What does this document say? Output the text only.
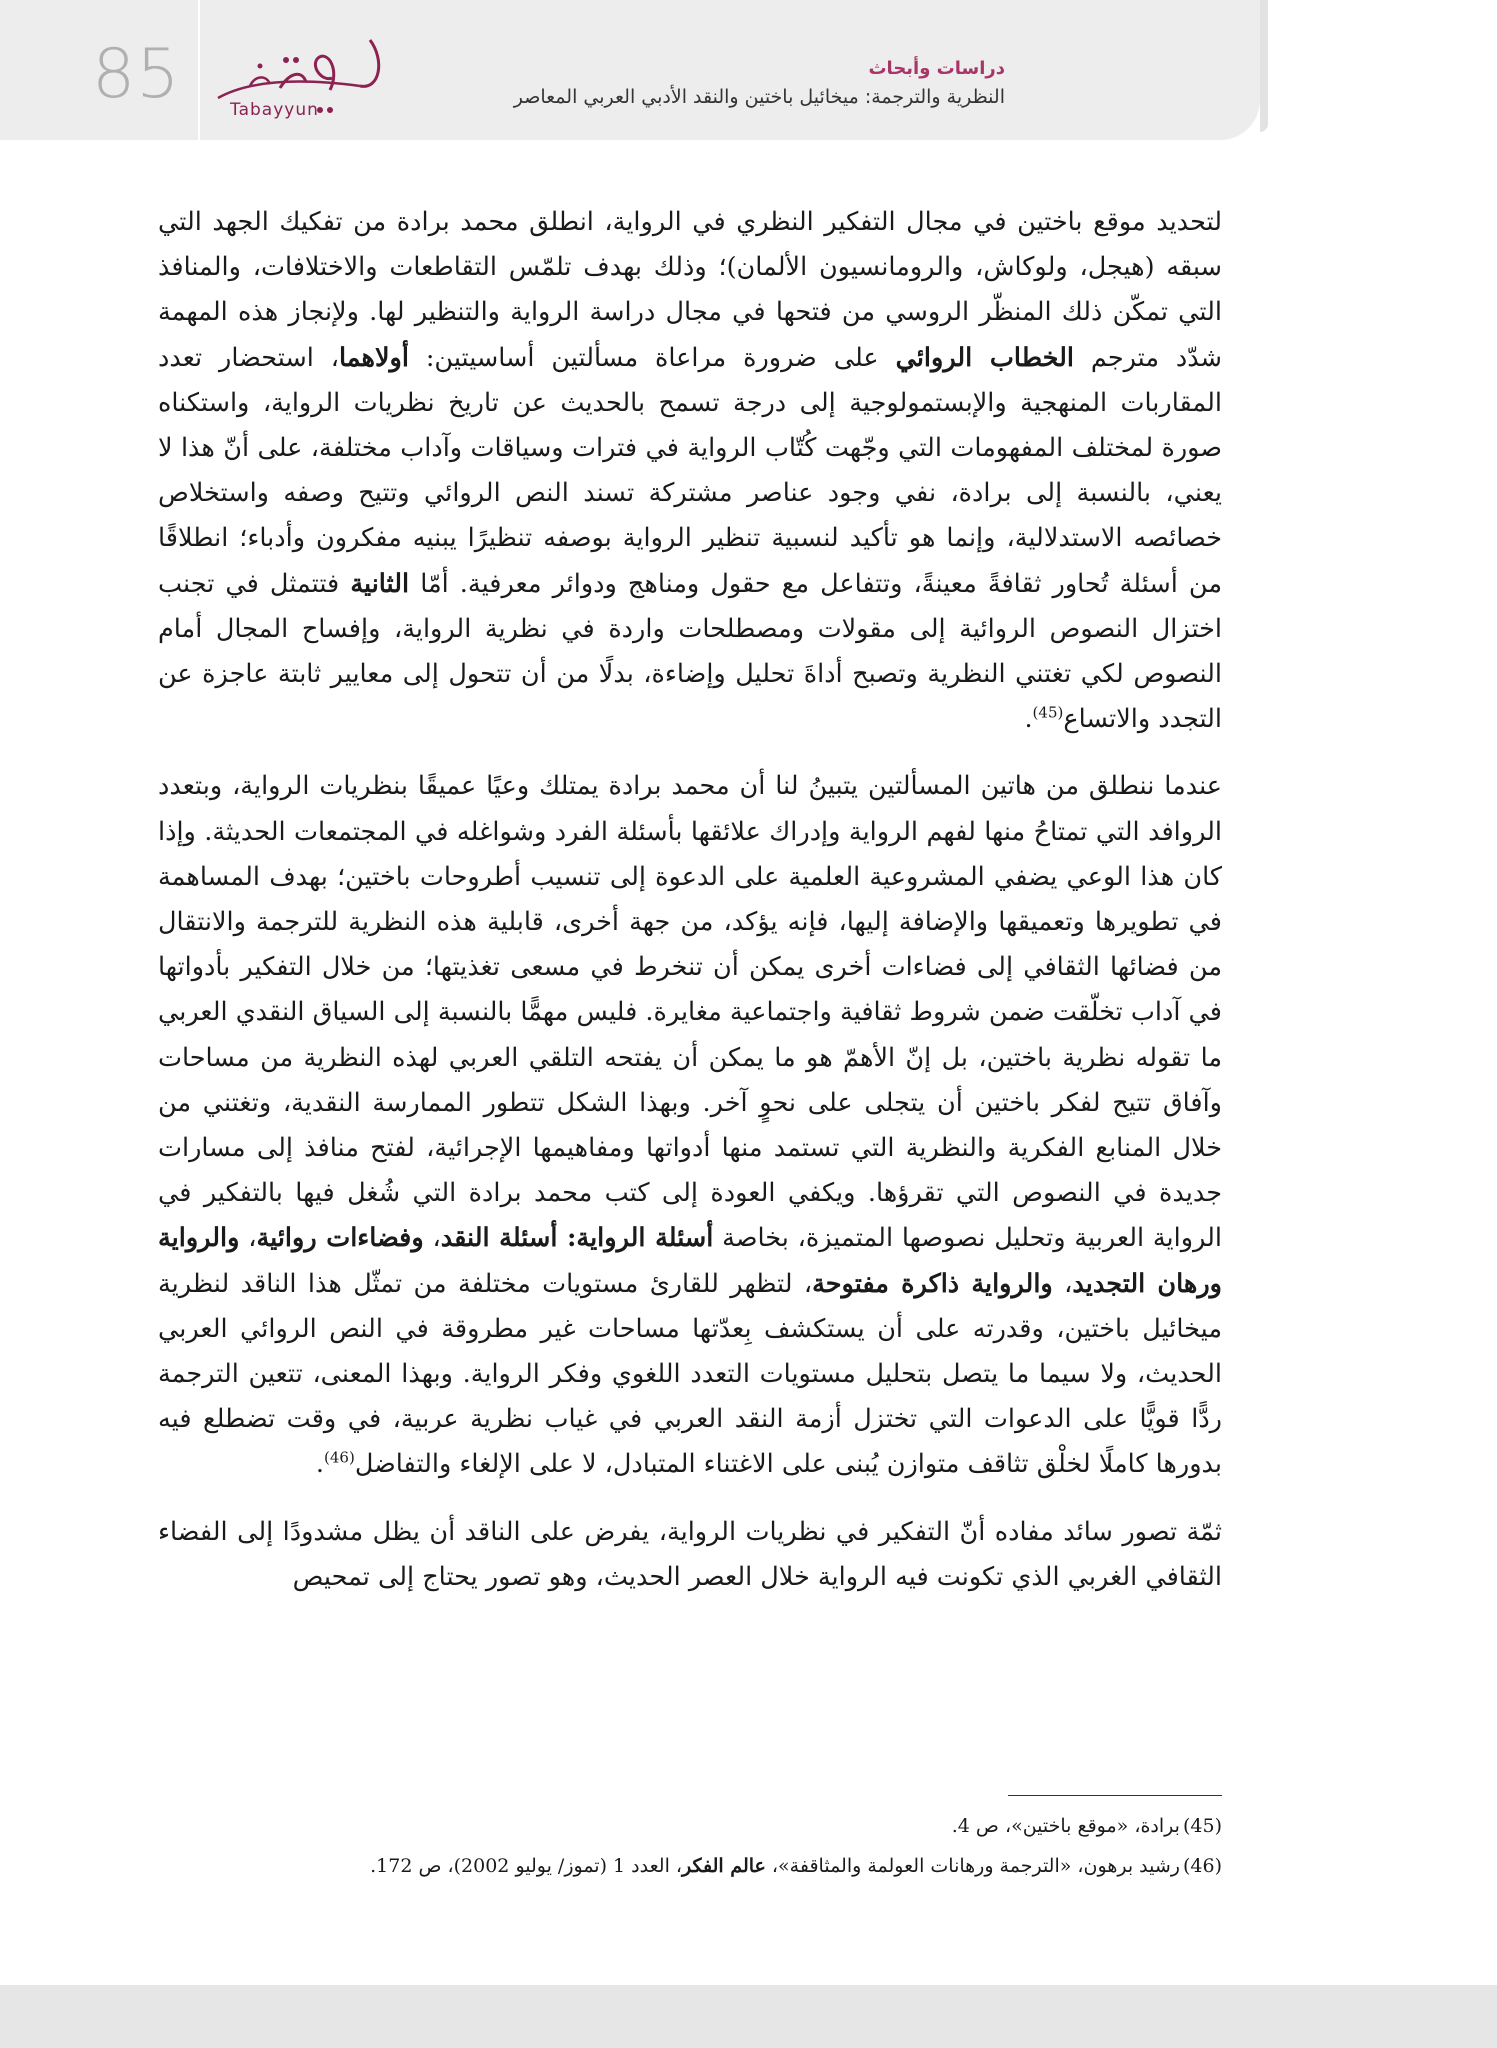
85	Tabayyun
دراسات وأبحاث
النظرية والترجمة: ميخائيل باختين والنقد الأدبي العربي المعاصر

لتحديد موقع باختين في مجال التفكير النظري في الرواية، انطلق محمد برادة من تفكيك الجهد التي سبقه (هيجل، ولوكاش، والرومانسيون الألمان)؛ وذلك بهدف تلمّس التقاطعات والاختلافات، والمنافذ التي تمكّن ذلك المنظّر الروسي من فتحها في مجال دراسة الرواية والتنظير لها. ولإنجاز هذه المهمة شدّد مترجم الخطاب الروائي على ضرورة مراعاة مسألتين أساسيتين: أولاهما، استحضار تعدد المقاربات المنهجية والإبستمولوجية إلى درجة تسمح بالحديث عن تاريخ نظريات الرواية، واستكناه صورة لمختلف المفهومات التي وجّهت كُتّاب الرواية في فترات وسياقات وآداب مختلفة، على أنّ هذا لا يعني، بالنسبة إلى برادة، نفي وجود عناصر مشتركة تسند النص الروائي وتتيح وصفه واستخلاص خصائصه الاستدلالية، وإنما هو تأكيد لنسبية تنظير الرواية بوصفه تنظيرًا يبنيه مفكرون وأدباء؛ انطلاقًا من أسئلة تُحاور ثقافةً معينةً، وتتفاعل مع حقول ومناهج ودوائر معرفية. أمّا الثانية فتتمثل في تجنب اختزال النصوص الروائية إلى مقولات ومصطلحات واردة في نظرية الرواية، وإفساح المجال أمام النصوص لكي تغتني النظرية وتصبح أداةَ تحليل وإضاءة، بدلًا من أن تتحول إلى معايير ثابتة عاجزة عن التجدد والاتساع$^{(45)}$.

عندما ننطلق من هاتين المسألتين يتبينُ لنا أن محمد برادة يمتلك وعيًا عميقًا بنظريات الرواية، وبتعدد الروافد التي تمتاحُ منها لفهم الرواية وإدراك علائقها بأسئلة الفرد وشواغله في المجتمعات الحديثة. وإذا كان هذا الوعي يضفي المشروعية العلمية على الدعوة إلى تنسيب أطروحات باختين؛ بهدف المساهمة في تطويرها وتعميقها والإضافة إليها، فإنه يؤكد، من جهة أخرى، قابلية هذه النظرية للترجمة والانتقال من فضائها الثقافي إلى فضاءات أخرى يمكن أن تنخرط في مسعى تغذيتها؛ من خلال التفكير بأدواتها في آداب تخلّقت ضمن شروط ثقافية واجتماعية مغايرة. فليس مهمًّا بالنسبة إلى السياق النقدي العربي ما تقوله نظرية باختين، بل إنّ الأهمّ هو ما يمكن أن يفتحه التلقي العربي لهذه النظرية من مساحات وآفاق تتيح لفكر باختين أن يتجلى على نحوٍ آخر. وبهذا الشكل تتطور الممارسة النقدية، وتغتني من خلال المنابع الفكرية والنظرية التي تستمد منها أدواتها ومفاهيمها الإجرائية، لفتح منافذ إلى مسارات جديدة في النصوص التي تقرؤها. ويكفي العودة إلى كتب محمد برادة التي شُغل فيها بالتفكير في الرواية العربية وتحليل نصوصها المتميزة، بخاصة أسئلة الرواية: أسئلة النقد، وفضاءات روائية، والرواية ورهان التجديد، والرواية ذاكرة مفتوحة، لتظهر للقارئ مستويات مختلفة من تمثّل هذا الناقد لنظرية ميخائيل باختين، وقدرته على أن يستكشف بِعدّتها مساحات غير مطروقة في النص الروائي العربي الحديث، ولا سيما ما يتصل بتحليل مستويات التعدد اللغوي وفكر الرواية. وبهذا المعنى، تتعين الترجمة ردًّا قويًّا على الدعوات التي تختزل أزمة النقد العربي في غياب نظرية عربية، في وقت تضطلع فيه بدورها كاملًا لخلْق تثاقف متوازن يُبنى على الاغتناء المتبادل، لا على الإلغاء والتفاضل$^{(46)}$.

ثمّة تصور سائد مفاده أنّ التفكير في نظريات الرواية، يفرض على الناقد أن يظل مشدودًا إلى الفضاء الثقافي الغربي الذي تكونت فيه الرواية خلال العصر الحديث، وهو تصور يحتاج إلى تمحيص

(45) برادة، «موقع باختين»، ص 4.

(46) رشيد برهون، «الترجمة ورهانات العولمة والمثاقفة»، عالم الفكر، العدد 1 (تموز/ يوليو 2002)، ص 172.
